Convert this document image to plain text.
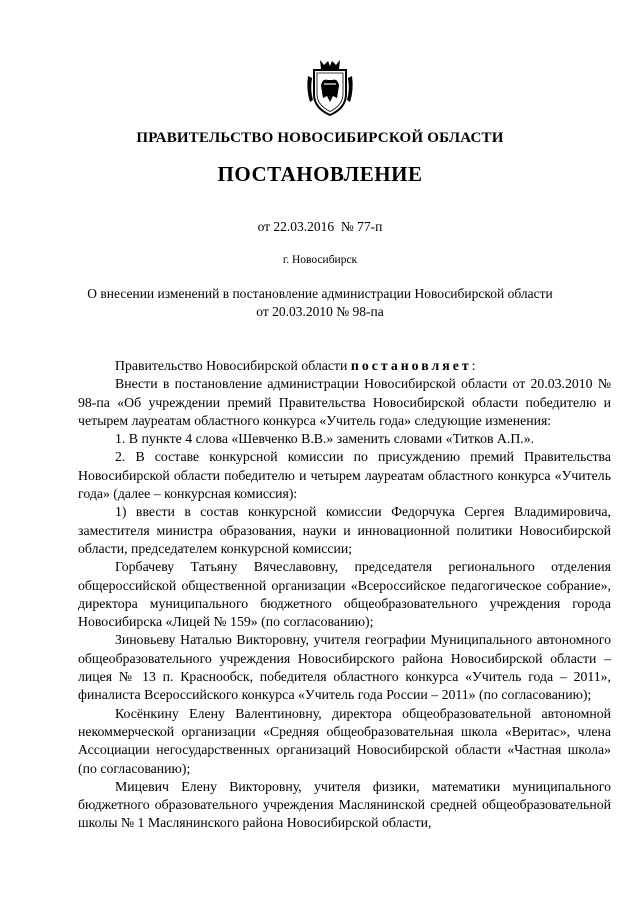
ПРАВИТЕЛЬСТВО НОВОСИБИРСКОЙ ОБЛАСТИ
ПОСТАНОВЛЕНИЕ
от 22.03.2016  № 77-п
г. Новосибирск
О внесении изменений в постановление администрации Новосибирской области
от 20.03.2010 № 98-па

Правительство Новосибирской области постановляет:

Внести в постановление администрации Новосибирской области от 20.03.2010 № 98-па «Об учреждении премий Правительства Новосибирской области победителю и четырем лауреатам областного конкурса «Учитель года» следующие изменения:

1. В пункте 4 слова «Шевченко В.В.» заменить словами «Титков А.П.».

2. В составе конкурсной комиссии по присуждению премий Правительства Новосибирской области победителю и четырем лауреатам областного конкурса «Учитель года» (далее – конкурсная комиссия):

1) ввести в состав конкурсной комиссии Федорчука Сергея Владимировича, заместителя министра образования, науки и инновационной политики Новосибирской области, председателем конкурсной комиссии;

Горбачеву Татьяну Вячеславовну, председателя регионального отделения общероссийской общественной организации «Всероссийское педагогическое собрание», директора муниципального бюджетного общеобразовательного учреждения города Новосибирска «Лицей № 159» (по согласованию);

Зиновьеву Наталью Викторовну, учителя географии Муниципального автономного общеобразовательного учреждения Новосибирского района Новосибирской области – лицея № 13 п. Краснообск, победителя областного конкурса «Учитель года – 2011», финалиста Всероссийского конкурса «Учитель года России – 2011» (по согласованию);

Косёнкину Елену Валентиновну, директора общеобразовательной автономной некоммерческой организации «Средняя общеобразовательная школа «Веритас», члена Ассоциации негосударственных организаций Новосибирской области «Частная школа» (по согласованию);

Мицевич Елену Викторовну, учителя физики, математики муниципального бюджетного образовательного учреждения Маслянинской средней общеобразовательной школы № 1 Маслянинского района Новосибирской области,
